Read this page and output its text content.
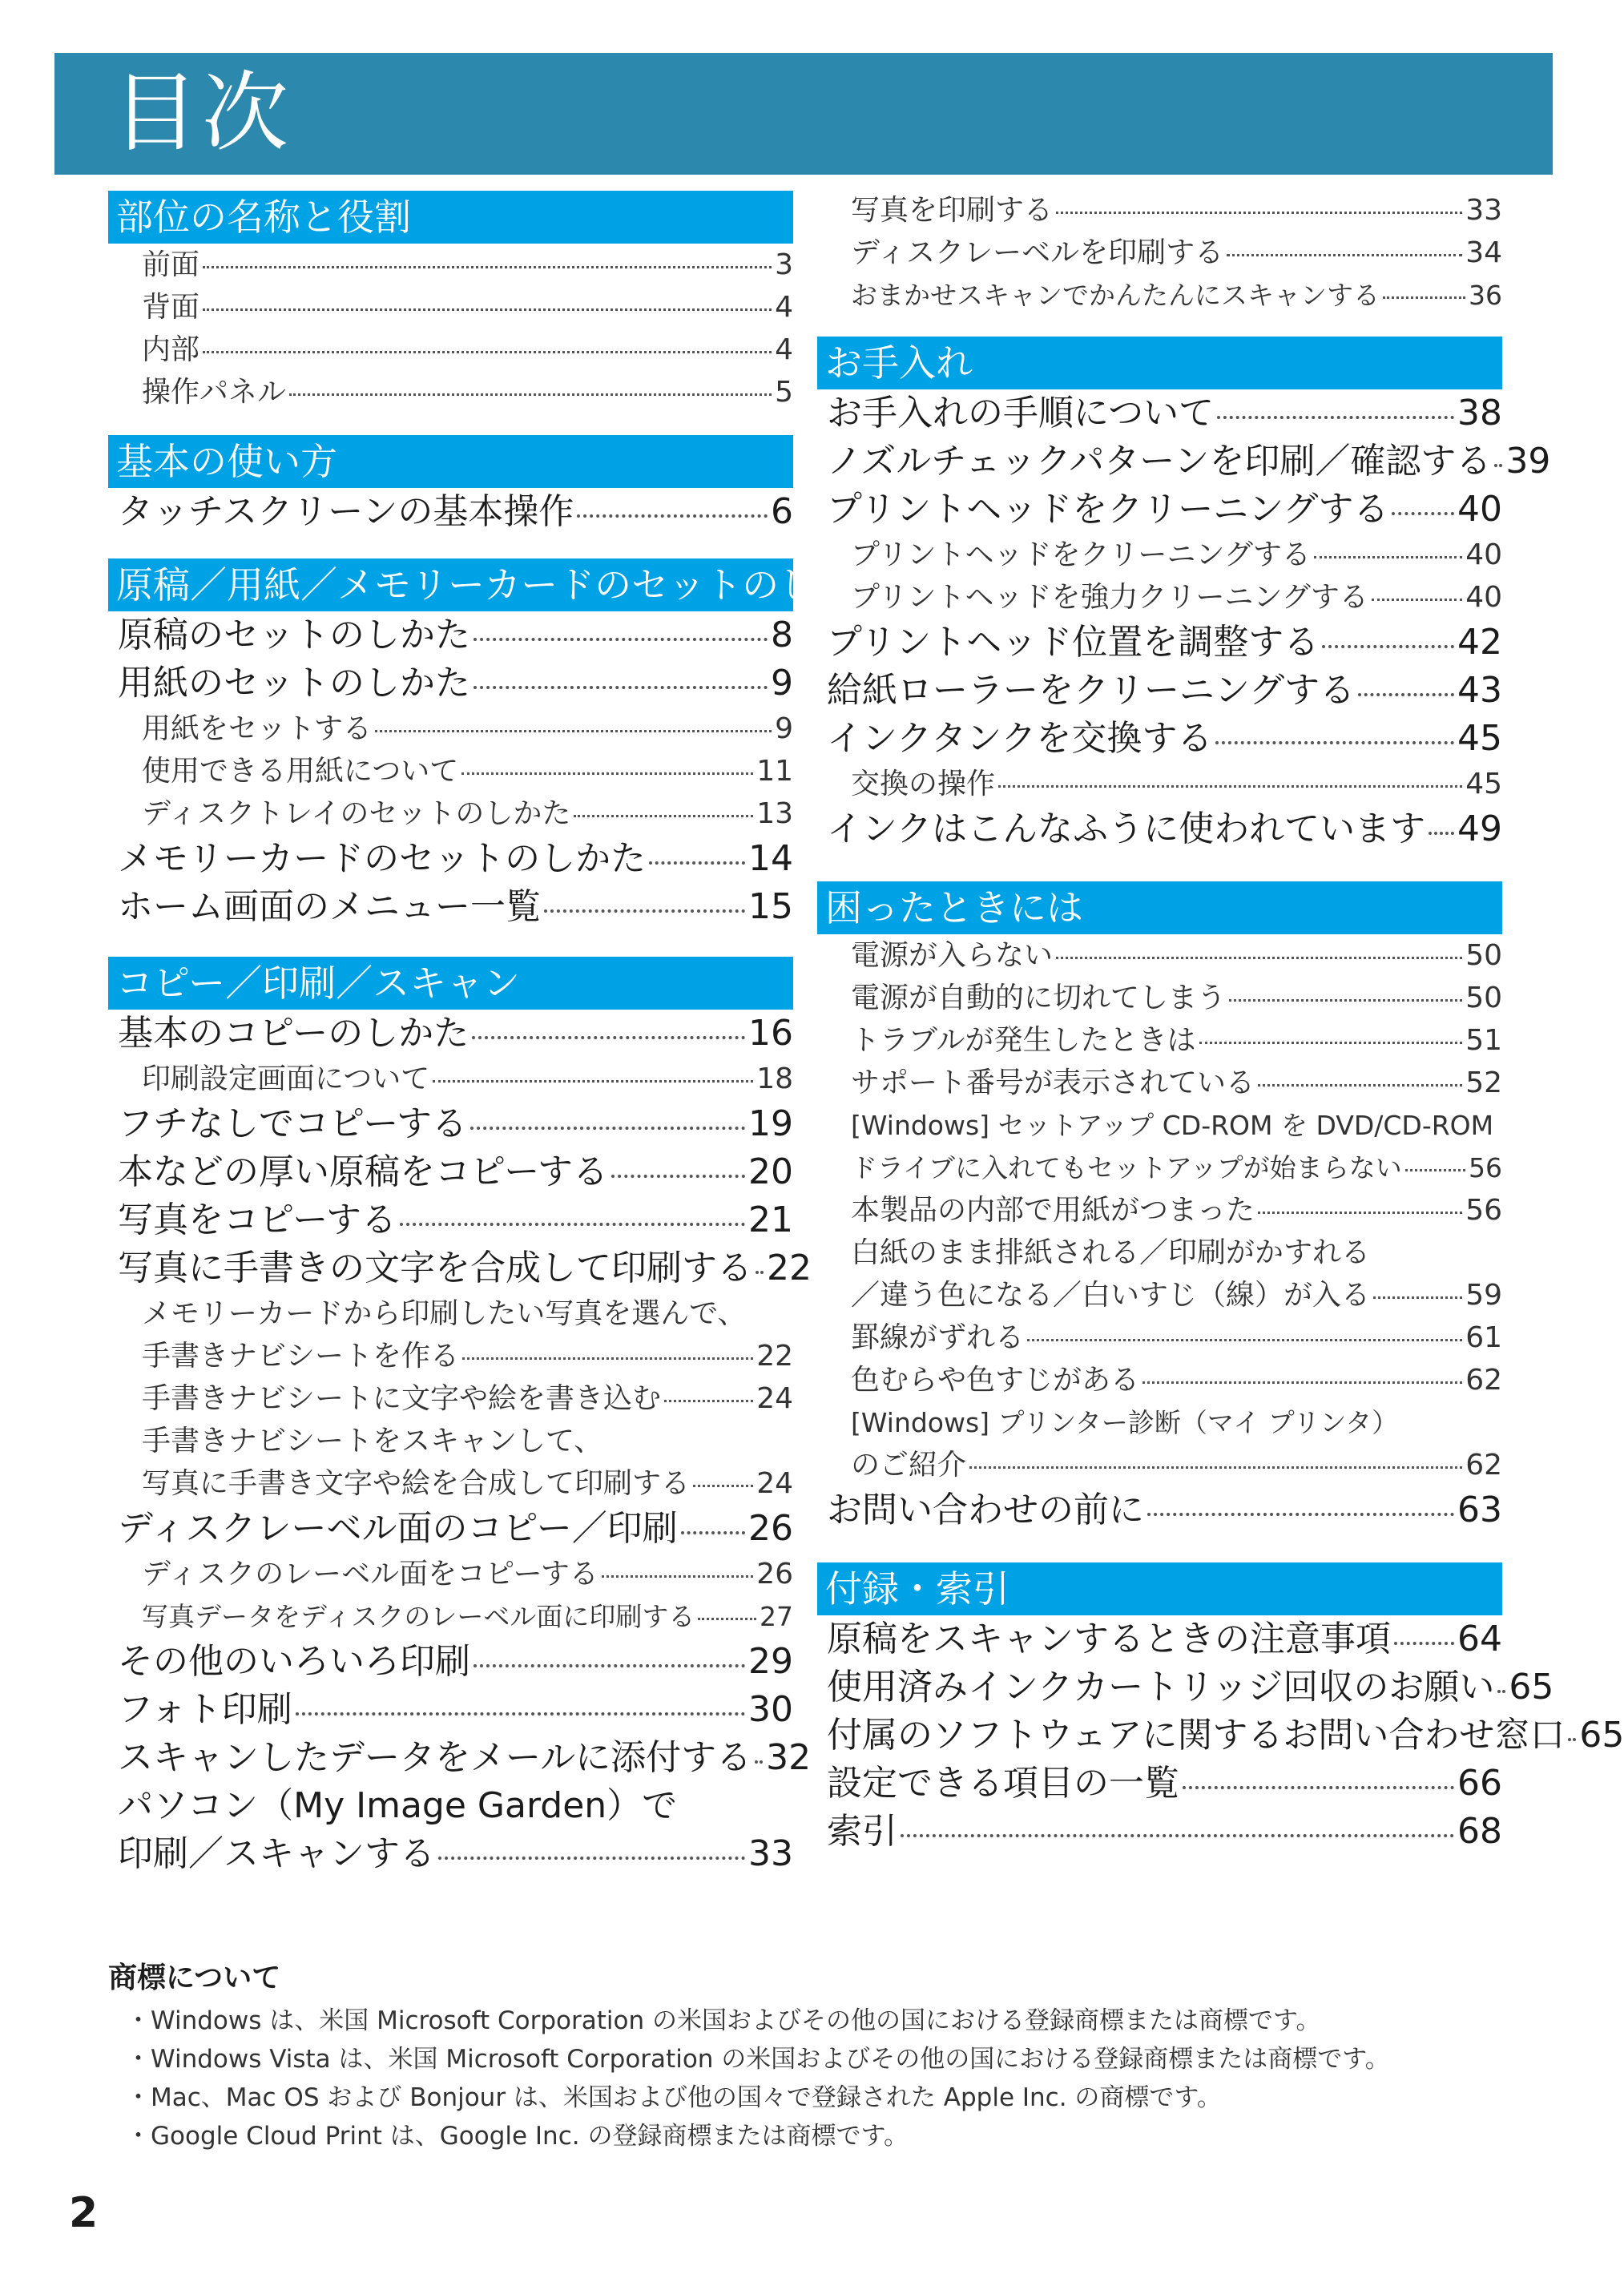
目次
部位の名称と役割
前面	3
背面	4
内部	4
操作パネル	5
基本の使い方
タッチスクリーンの基本操作	6
原稿／用紙／メモリーカードのセットのしかた
原稿のセットのしかた	8
用紙のセットのしかた	9
用紙をセットする	9
使用できる用紙について	11
ディスクトレイのセットのしかた	13
メモリーカードのセットのしかた	14
ホーム画面のメニュー一覧	15
コピー／印刷／スキャン
基本のコピーのしかた	16
印刷設定画面について	18
フチなしでコピーする	19
本などの厚い原稿をコピーする	20
写真をコピーする	21
写真に手書きの文字を合成して印刷する 22
メモリーカードから印刷したい写真を選んで、
手書きナビシートを作る	22
手書きナビシートに文字や絵を書き込む	24
手書きナビシートをスキャンして、
写真に手書き文字や絵を合成して印刷する 24
ディスクレーベル面のコピー／印刷 26
ディスクのレーベル面をコピーする	26
写真データをディスクのレーベル面に印刷する 27
その他のいろいろ印刷	29
フォト印刷	30
スキャンしたデータをメールに添付する 32
パソコン（My Image Garden）で
印刷／スキャンする	33
写真を印刷する	33
ディスクレーベルを印刷する	34
おまかせスキャンでかんたんにスキャンする	36
お手入れ
お手入れの手順について	38
ノズルチェックパターンを印刷／確認する 39
プリントヘッドをクリーニングする 40
プリントヘッドをクリーニングする	40
プリントヘッドを強力クリーニングする	40
プリントヘッド位置を調整する	42
給紙ローラーをクリーニングする	43
インクタンクを交換する	45
交換の操作	45
インクはこんなふうに使われています 49
困ったときには
電源が入らない	50
電源が自動的に切れてしまう	50
トラブルが発生したときは	51
サポート番号が表示されている	52
[Windows] セットアップ CD-ROM を DVD/CD-ROM
ドライブに入れてもセットアップが始まらない	56
本製品の内部で用紙がつまった	56
白紙のまま排紙される／印刷がかすれる
／違う色になる／白いすじ（線）が入る	59
罫線がずれる	61
色むらや色すじがある	62
[Windows] プリンター診断（マイ プリンタ）
のご紹介	62
お問い合わせの前に	63
付録・索引
原稿をスキャンするときの注意事項 64
使用済みインクカートリッジ回収のお願い 65
付属のソフトウェアに関するお問い合わせ窓口 65
設定できる項目の一覧	66
索引	68
商標について
・Windows は、米国 Microsoft Corporation の米国およびその他の国における登録商標または商標です。
・Windows Vista は、米国 Microsoft Corporation の米国およびその他の国における登録商標または商標です。
・Mac、Mac OS および Bonjour は、米国および他の国々で登録された Apple Inc. の商標です。
・Google Cloud Print は、Google Inc. の登録商標または商標です。
2
